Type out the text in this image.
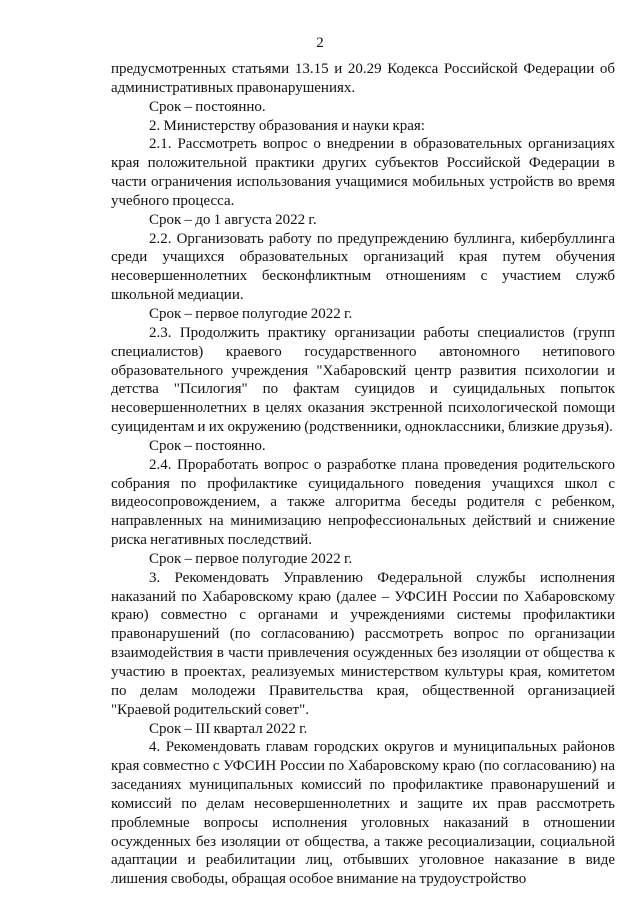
2

предусмотренных статьями 13.15 и 20.29 Кодекса Российской Федерации об административных правонарушениях.

Срок – постоянно.

2. Министерству образования и науки края:

2.1. Рассмотреть вопрос о внедрении в образовательных организациях края положительной практики других субъектов Российской Федерации в части ограничения использования учащимися мобильных устройств во время учебного процесса.

Срок – до 1 августа 2022 г.

2.2. Организовать работу по предупреждению буллинга, кибербуллинга среди учащихся образовательных организаций края путем обучения несовершеннолетних бесконфликтным отношениям с участием служб школьной медиации.

Срок – первое полугодие 2022 г.

2.3. Продолжить практику организации работы специалистов (групп специалистов) краевого государственного автономного нетипового образовательного учреждения "Хабаровский центр развития психологии и детства "Псилогия" по фактам суицидов и суицидальных попыток несовершеннолетних в целях оказания экстренной психологической помощи суицидентам и их окружению (родственники, одноклассники, близкие друзья).

Срок – постоянно.

2.4. Проработать вопрос о разработке плана проведения родительского собрания по профилактике суицидального поведения учащихся школ с видеосопровождением, а также алгоритма беседы родителя с ребенком, направленных на минимизацию непрофессиональных действий и снижение риска негативных последствий.

Срок – первое полугодие 2022 г.

3. Рекомендовать Управлению Федеральной службы исполнения наказаний по Хабаровскому краю (далее – УФСИН России по Хабаровскому краю) совместно с органами и учреждениями системы профилактики правонарушений (по согласованию) рассмотреть вопрос по организации взаимодействия в части привлечения осужденных без изоляции от общества к участию в проектах, реализуемых министерством культуры края, комитетом по делам молодежи Правительства края, общественной организацией "Краевой родительский совет".

Срок – III квартал 2022 г.

4. Рекомендовать главам городских округов и муниципальных районов края совместно с УФСИН России по Хабаровскому краю (по согласованию) на заседаниях муниципальных комиссий по профилактике правонарушений и комиссий по делам несовершеннолетних и защите их прав рассмотреть проблемные вопросы исполнения уголовных наказаний в отношении осужденных без изоляции от общества, а также ресоциализации, социальной адаптации и реабилитации лиц, отбывших уголовное наказание в виде лишения свободы, обращая особое внимание на трудоустройство
